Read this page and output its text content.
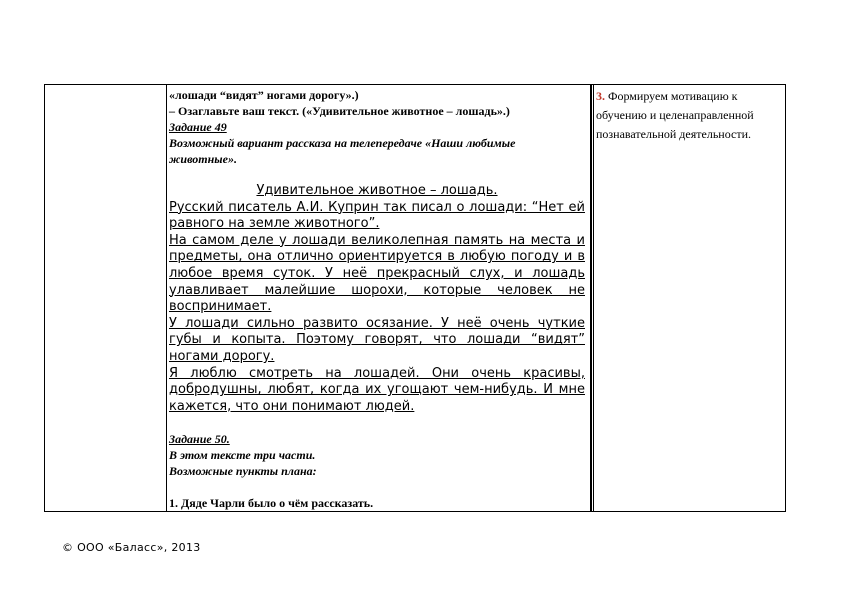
«лошади “видят” ногами дорогу».)

– Озаглавьте ваш текст. («Удивительное животное – лошадь».)

Задание 49

Возможный вариант рассказа на телепередаче «Наши любимые животные».

Удивительное животное – лошадь.

Русский писатель А.И. Куприн так писал о лошади: “Нет ей равного на земле животного”.

На самом деле у лошади великолепная память на места и предметы, она отлично ориентируется в любую погоду и в любое время суток. У неё прекрасный слух, и лошадь улавливает малейшие шорохи, которые человек не воспринимает.

У лошади сильно развито осязание. У неё очень чуткие губы и копыта. Поэтому говорят, что лошади “видят” ногами дорогу.

Я люблю смотреть на лошадей. Они очень красивы, добродушны, любят, когда их угощают чем-нибудь. И мне кажется, что они понимают людей.

Задание 50.

В этом тексте три части.

Возможные пункты плана:

1. Дяде Чарли было о чём рассказать.

3. Формируем мотивацию к обучению и целенаправленной познавательной деятельности.
© ООО «Баласс», 2013
